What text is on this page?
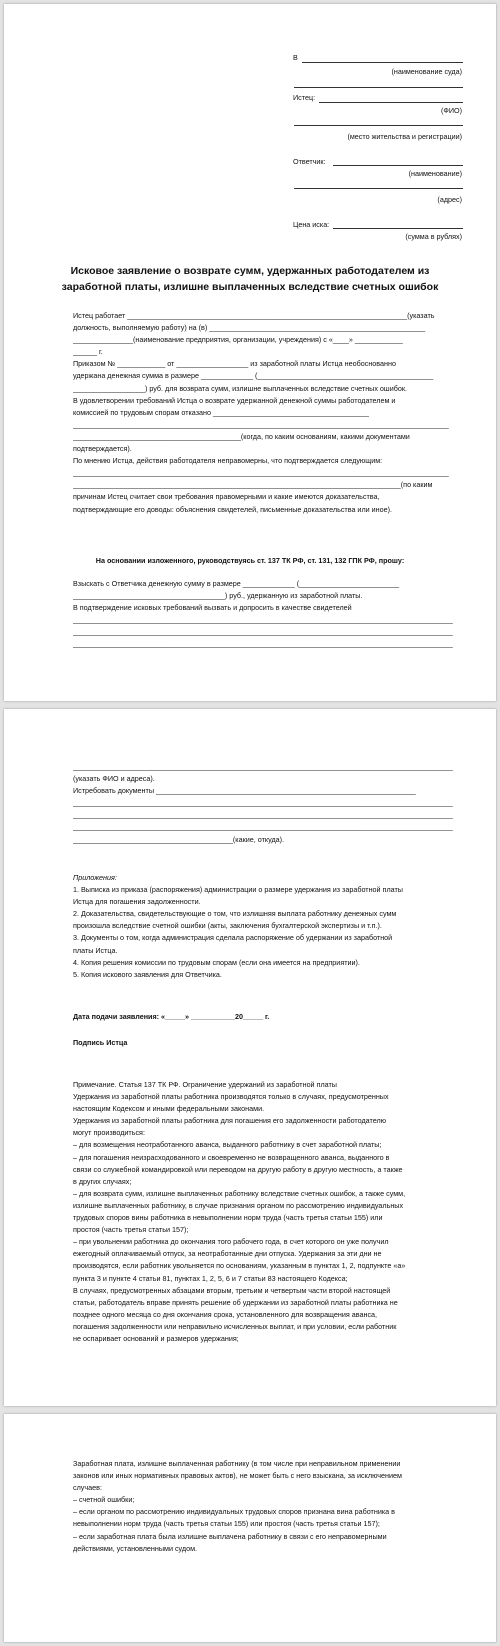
В
(наименование суда)
Истец:
(ФИО)
(место жительства и регистрации)
Ответчик:
(наименование)
(адрес)
Цена иска:
(сумма в рублях)
Исковое заявление о возврате сумм, удержанных работодателем из
заработной платы, излишне выплаченных вследствие счетных ошибок
Истец работает ______________________________________________________________________(указать
должность, выполняемую работу) на (в) ______________________________________________________
_______________(наименование предприятия, организации, учреждения) с «____» ____________
______ г.
Приказом № ____________ от __________________ из заработной платы Истца необоснованно
удержана денежная сумма в размере _____________ (____________________________________________
__________________) руб. для возврата сумм, излишне выплаченных вследствие счетных ошибок.
В удовлетворении требований Истца о возврате удержанной денежной суммы работодателем и
комиссией по трудовым спорам отказано _______________________________________
______________________________________________________________________________________________
__________________________________________(когда, по каким основаниям, какими документами
подтверждается).
По мнению Истца, действия работодателя неправомерны, что подтверждается следующим:
______________________________________________________________________________________________
__________________________________________________________________________________(по каким
причинам Истец считает свои требования правомерными и какие имеются доказательства,
подтверждающие его доводы: объяснения свидетелей, письменные доказательства или иное).
На основании изложенного, руководствуясь ст. 137 ТК РФ, ст. 131, 132 ГПК РФ, прошу:
Взыскать с Ответчика денежную сумму в размере _____________ (_________________________
______________________________________) руб., удержанную из заработной платы.
В подтверждение исковых требований вызвать и допросить в качестве свидетелей
_______________________________________________________________________________________________
_______________________________________________________________________________________________
_______________________________________________________________________________________________
_______________________________________________________________________________________________
(указать ФИО и адреса).
Истребовать документы _________________________________________________________________
_______________________________________________________________________________________________
_______________________________________________________________________________________________
_______________________________________________________________________________________________
________________________________________(какие, откуда).
Приложения:
1. Выписка из приказа (распоряжения) администрации о размере удержания из заработной платы
Истца для погашения задолженности.
2. Доказательства, свидетельствующие о том, что излишняя выплата работнику денежных сумм
произошла вследствие счетной ошибки (акты, заключения бухгалтерской экспертизы и т.п.).
3. Документы о том, когда администрация сделала распоряжение об удержании из заработной
платы Истца.
4. Копия решения комиссии по трудовым спорам (если она имеется на предприятии).
5. Копия искового заявления для Ответчика.
Дата подачи заявления: «_____» ___________20_____ г.
Подпись Истца
Примечание. Статья 137 ТК РФ. Ограничение удержаний из заработной платы
Удержания из заработной платы работника производятся только в случаях, предусмотренных
настоящим Кодексом и иными федеральными законами.
Удержания из заработной платы работника для погашения его задолженности работодателю
могут производиться:
– для возмещения неотработанного аванса, выданного работнику в счет заработной платы;
– для погашения неизрасходованного и своевременно не возвращенного аванса, выданного в
связи со служебной командировкой или переводом на другую работу в другую местность, а также
в других случаях;
– для возврата сумм, излишне выплаченных работнику вследствие счетных ошибок, а также сумм,
излишне выплаченных работнику, в случае признания органом по рассмотрению индивидуальных
трудовых споров вины работника в невыполнении норм труда (часть третья статьи 155) или
простоя (часть третья статьи 157);
– при увольнении работника до окончания того рабочего года, в счет которого он уже получил
ежегодный оплачиваемый отпуск, за неотработанные дни отпуска. Удержания за эти дни не
производятся, если работник увольняется по основаниям, указанным в пунктах 1, 2, подпункте «а»
пункта 3 и пункте 4 статьи 81, пунктах 1, 2, 5, 6 и 7 статьи 83 настоящего Кодекса;
В случаях, предусмотренных абзацами вторым, третьим и четвертым части второй настоящей
статьи, работодатель вправе принять решение об удержании из заработной платы работника не
позднее одного месяца со дня окончания срока, установленного для возвращения аванса,
погашения задолженности или неправильно исчисленных выплат, и при условии, если работник
не оспаривает оснований и размеров удержания;
Заработная плата, излишне выплаченная работнику (в том числе при неправильном применении
законов или иных нормативных правовых актов), не может быть с него взыскана, за исключением
случаев:
– счетной ошибки;
– если органом по рассмотрению индивидуальных трудовых споров признана вина работника в
невыполнении норм труда (часть третья статьи 155) или простоя (часть третья статьи 157);
– если заработная плата была излишне выплачена работнику в связи с его неправомерными
действиями, установленными судом.
